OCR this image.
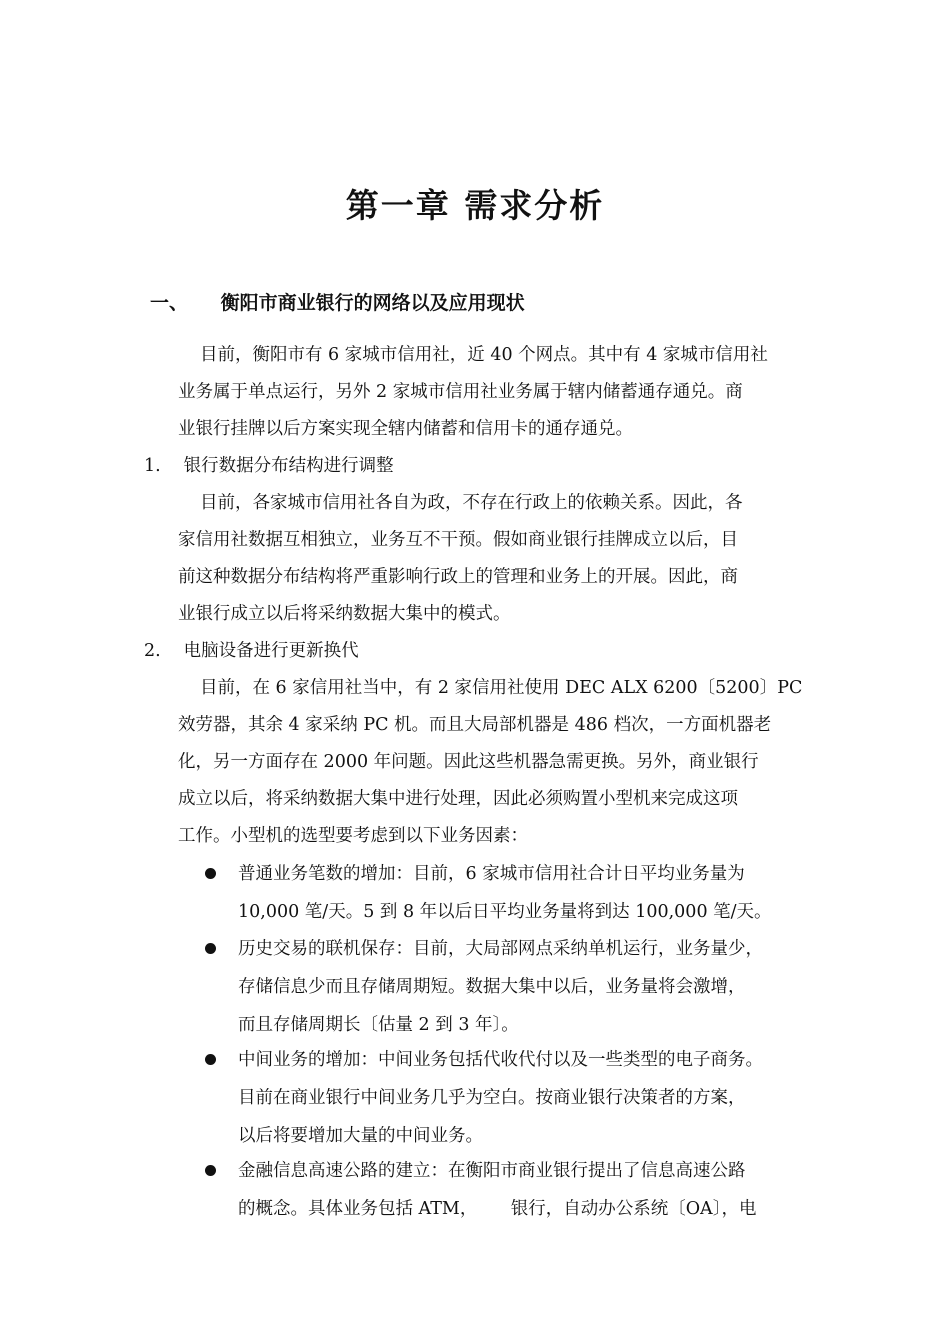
第一章 需求分析
一、 衡阳市商业银行的网络以及应用现状
目前，衡阳市有 6 家城市信用社，近 40 个网点。其中有 4 家城市信用社
业务属于单点运行，另外 2 家城市信用社业务属于辖内储蓄通存通兑。商
业银行挂牌以后方案实现全辖内储蓄和信用卡的通存通兑。
1. 银行数据分布结构进行调整
目前，各家城市信用社各自为政，不存在行政上的依赖关系。因此，各
家信用社数据互相独立，业务互不干预。假如商业银行挂牌成立以后，目
前这种数据分布结构将严重影响行政上的管理和业务上的开展。因此，商
业银行成立以后将采纳数据大集中的模式。
2. 电脑设备进行更新换代
目前，在 6 家信用社当中，有 2 家信用社使用 DEC ALX 6200〔5200〕PC
效劳器，其余 4 家采纳 PC 机。而且大局部机器是 486 档次，一方面机器老
化，另一方面存在 2000 年问题。因此这些机器急需更换。另外，商业银行
成立以后，将采纳数据大集中进行处理，因此必须购置小型机来完成这项
工作。小型机的选型要考虑到以下业务因素：
普通业务笔数的增加：目前，6 家城市信用社合计日平均业务量为
10,000 笔/天。5 到 8 年以后日平均业务量将到达 100,000 笔/天。
历史交易的联机保存：目前，大局部网点采纳单机运行，业务量少，
存储信息少而且存储周期短。数据大集中以后，业务量将会激增，
而且存储周期长〔估量 2 到 3 年〕。
中间业务的增加：中间业务包括代收代付以及一些类型的电子商务。
目前在商业银行中间业务几乎为空白。按商业银行决策者的方案，
以后将要增加大量的中间业务。
金融信息高速公路的建立：在衡阳市商业银行提出了信息高速公路
的概念。具体业务包括 ATM，      银行，自动办公系统〔OA〕，电
